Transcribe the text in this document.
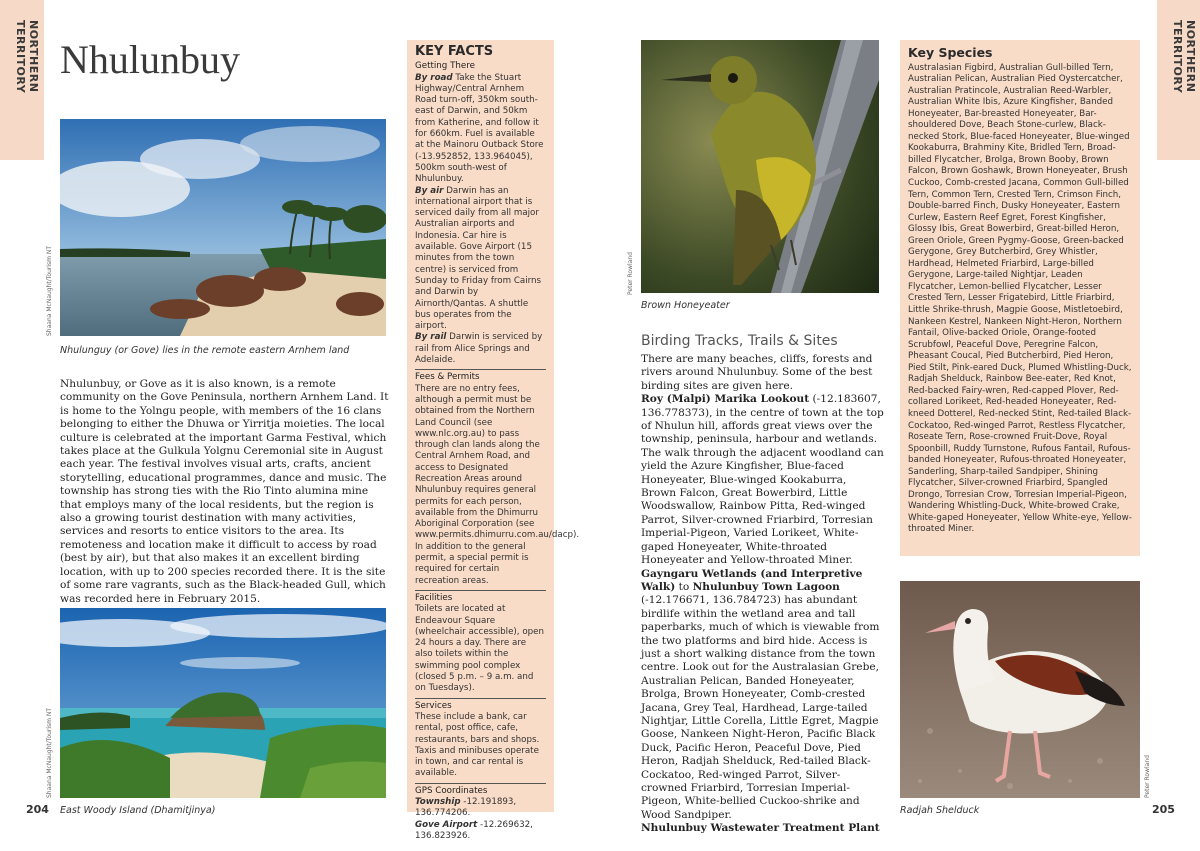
NORTHERN TERRITORY Nhulunbuy
Shaana McNaught/Tourism NT
Nhulunguy (or Gove) lies in the remote eastern Arnhem land

Nhulunbuy, or Gove as it is also known, is a remote community on the Gove Peninsula, northern Arnhem Land. It is home to the Yolngu people, with members of the 16 clans belonging to either the Dhuwa or Yirritja moieties. The local culture is celebrated at the important Garma Festival, which takes place at the Gulkula Yolgnu Ceremonial site in August each year. The festival involves visual arts, crafts, ancient storytelling, educational programmes, dance and music. The township has strong ties with the Rio Tinto alumina mine that employs many of the local residents, but the region is also a growing tourist destination with many activities, services and resorts to entice visitors to the area. Its remoteness and location make it difficult to access by road (best by air), but that also makes it an excellent birding location, with up to 200 species recorded there. It is the site of some rare vagrants, such as the Black-headed Gull, which was recorded here in February 2015.

Shaana McNaught/Tourism NT
East Woody Island (Dhamitjinya)
204
KEY FACTS
Getting There
By road Take the Stuart Highway/Central Arnhem Road turn-off, 350km south-east of Darwin, and 50km from Katherine, and follow it for 660km. Fuel is available at the Mainoru Outback Store (-13.952852, 133.964045), 500km south-west of Nhulunbuy.
By air Darwin has an international airport that is serviced daily from all major Australian airports and Indonesia. Car hire is available. Gove Airport (15 minutes from the town centre) is serviced from Sunday to Friday from Cairns and Darwin by Airnorth/Qantas. A shuttle bus operates from the airport.
By rail Darwin is serviced by rail from Alice Springs and Adelaide.
Fees & Permits
There are no entry fees, although a permit must be obtained from the Northern Land Council (see www.nlc.org.au) to pass through clan lands along the Central Arnhem Road, and access to Designated Recreation Areas around Nhulunbuy requires general permits for each person, available from the Dhimurru Aboriginal Corporation (see www.permits.dhimurru.com.au/dacp). In addition to the general permit, a special permit is required for certain recreation areas.
Facilities
Toilets are located at Endeavour Square (wheelchair accessible), open 24 hours a day. There are also toilets within the swimming pool complex (closed 5 p.m. – 9 a.m. and on Tuesdays).
Services
These include a bank, car rental, post office, cafe, restaurants, bars and shops. Taxis and minibuses operate in town, and car rental is available.
GPS Coordinates
Township -12.191893, 136.774206.
Gove Airport -12.269632, 136.823926.
Peter Rowland
Brown Honeyeater
Birding Tracks, Trails & Sites

There are many beaches, cliffs, forests and rivers around Nhulunbuy. Some of the best birding sites are given here.

Roy (Malpi) Marika Lookout (-12.183607, 136.778373), in the centre of town at the top of Nhulun hill, affords great views over the township, peninsula, harbour and wetlands. The walk through the adjacent woodland can yield the Azure Kingfisher, Blue-faced Honeyeater, Blue-winged Kookaburra, Brown Falcon, Great Bowerbird, Little Woodswallow, Rainbow Pitta, Red-winged Parrot, Silver-crowned Friarbird, Torresian Imperial-Pigeon, Varied Lorikeet, White-gaped Honeyeater, White-throated Honeyeater and Yellow-throated Miner.

Gayngaru Wetlands (and Interpretive Walk) to Nhulunbuy Town Lagoon (-12.176671, 136.784723) has abundant birdlife within the wetland area and tall paperbarks, much of which is viewable from the two platforms and bird hide. Access is just a short walking distance from the town centre. Look out for the Australasian Grebe, Australian Pelican, Banded Honeyeater, Brolga, Brown Honeyeater, Comb-crested Jacana, Grey Teal, Hardhead, Large-tailed Nightjar, Little Corella, Little Egret, Magpie Goose, Nankeen Night-Heron, Pacific Black Duck, Pacific Heron, Peaceful Dove, Pied Heron, Radjah Shelduck, Red-tailed Black-Cockatoo, Red-winged Parrot, Silver-crowned Friarbird, Torresian Imperial-Pigeon, White-bellied Cuckoo-shrike and Wood Sandpiper.

Nhulunbuy Wastewater Treatment Plant

Key Species
Australasian Figbird, Australian Gull-billed Tern, Australian Pelican, Australian Pied Oystercatcher, Australian Pratincole, Australian Reed-Warbler, Australian White Ibis, Azure Kingfisher, Banded Honeyeater, Bar-breasted Honeyeater, Bar-shouldered Dove, Beach Stone-curlew, Black-necked Stork, Blue-faced Honeyeater, Blue-winged Kookaburra, Brahminy Kite, Bridled Tern, Broad-billed Flycatcher, Brolga, Brown Booby, Brown Falcon, Brown Goshawk, Brown Honeyeater, Brush Cuckoo, Comb-crested Jacana, Common Gull-billed Tern, Common Tern, Crested Tern, Crimson Finch, Double-barred Finch, Dusky Honeyeater, Eastern Curlew, Eastern Reef Egret, Forest Kingfisher, Glossy Ibis, Great Bowerbird, Great-billed Heron, Green Oriole, Green Pygmy-Goose, Green-backed Gerygone, Grey Butcherbird, Grey Whistler, Hardhead, Helmeted Friarbird, Large-billed Gerygone, Large-tailed Nightjar, Leaden Flycatcher, Lemon-bellied Flycatcher, Lesser Crested Tern, Lesser Frigatebird, Little Friarbird, Little Shrike-thrush, Magpie Goose, Mistletoebird, Nankeen Kestrel, Nankeen Night-Heron, Northern Fantail, Olive-backed Oriole, Orange-footed Scrubfowl, Peaceful Dove, Peregrine Falcon, Pheasant Coucal, Pied Butcherbird, Pied Heron, Pied Stilt, Pink-eared Duck, Plumed Whistling-Duck, Radjah Shelduck, Rainbow Bee-eater, Red Knot, Red-backed Fairy-wren, Red-capped Plover, Red-collared Lorikeet, Red-headed Honeyeater, Red-kneed Dotterel, Red-necked Stint, Red-tailed Black-Cockatoo, Red-winged Parrot, Restless Flycatcher, Roseate Tern, Rose-crowned Fruit-Dove, Royal Spoonbill, Ruddy Turnstone, Rufous Fantail, Rufous-banded Honeyeater, Rufous-throated Honeyeater, Sanderling, Sharp-tailed Sandpiper, Shining Flycatcher, Silver-crowned Friarbird, Spangled Drongo, Torresian Crow, Torresian Imperial-Pigeon, Wandering Whistling-Duck, White-browed Crake, White-gaped Honeyeater, Yellow White-eye, Yellow-throated Miner.
NORTHERN TERRITORY
Peter Rowland
Radjah Shelduck	205
